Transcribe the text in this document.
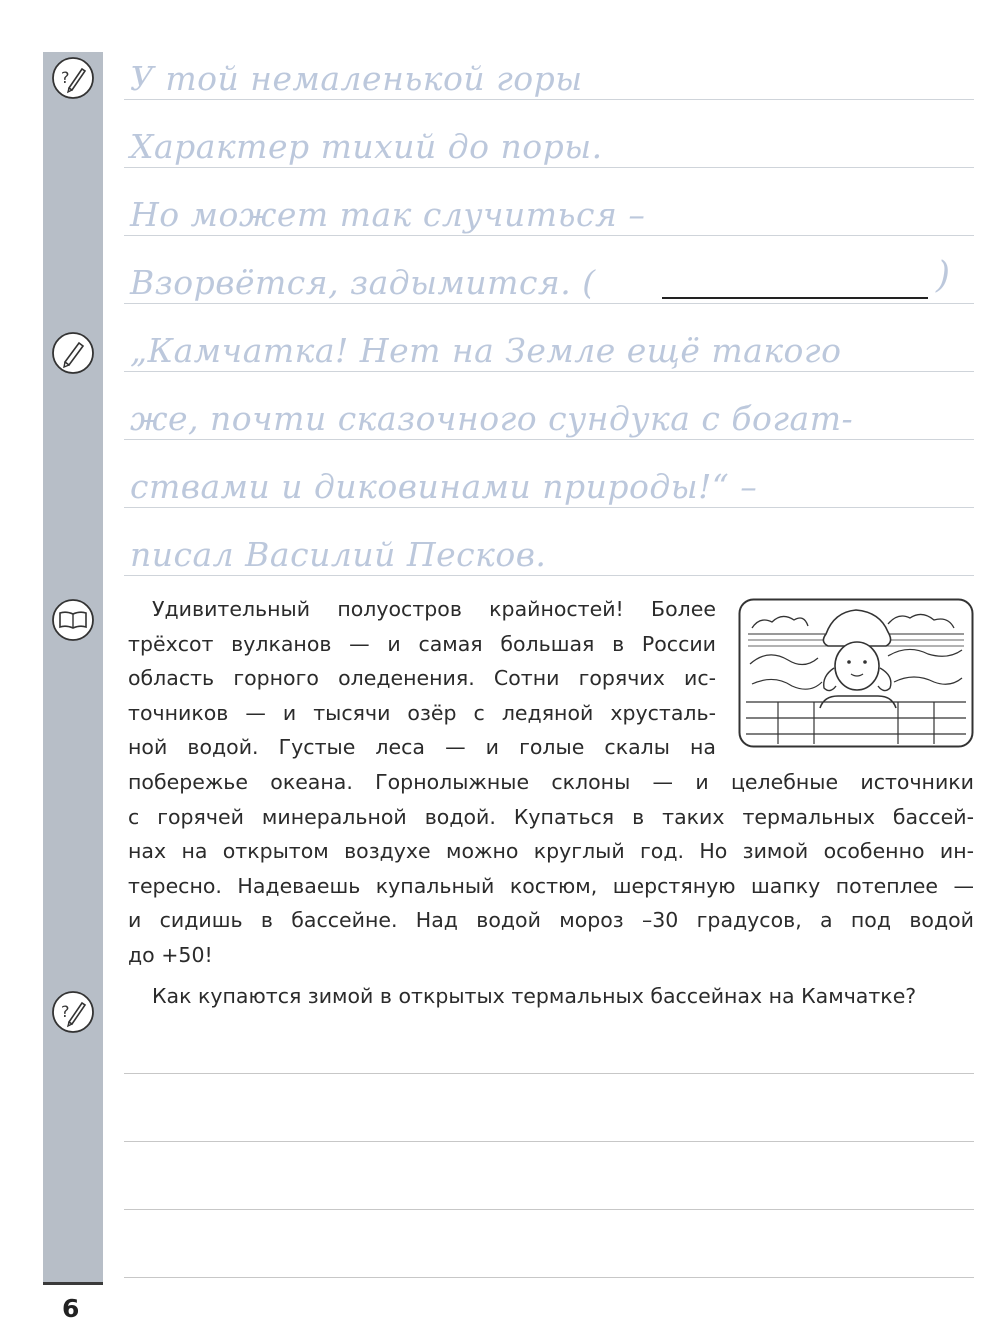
6
?
?
У той немаленькой горы
Характер тихий до поры.
Но может так случиться –
Взорвётся, задымится. (	)
„Камчатка! Нет на Земле ещё такого
же, почти сказочного сундука с богат-
ствами и диковинами природы!“ –
писал Василий Песков.
Удивительный полуостров крайностей! Более
трёхсот вулканов — и самая большая в России
область горного оледенения. Сотни горячих ис-
точников — и тысячи озёр с ледяной хрусталь-
ной водой. Густые леса — и голые скалы на
побережье океана. Горнолыжные склоны — и целебные источники
с горячей минеральной водой. Купаться в таких термальных бассей-
нах на открытом воздухе можно круглый год. Но зимой особенно ин-
тересно. Надеваешь купальный костюм, шерстяную шапку потеплее —
и сидишь в бассейне. Над водой мороз –30 градусов, а под водой
до +50!
Как купаются зимой в открытых термальных бассейнах на Камчатке?
